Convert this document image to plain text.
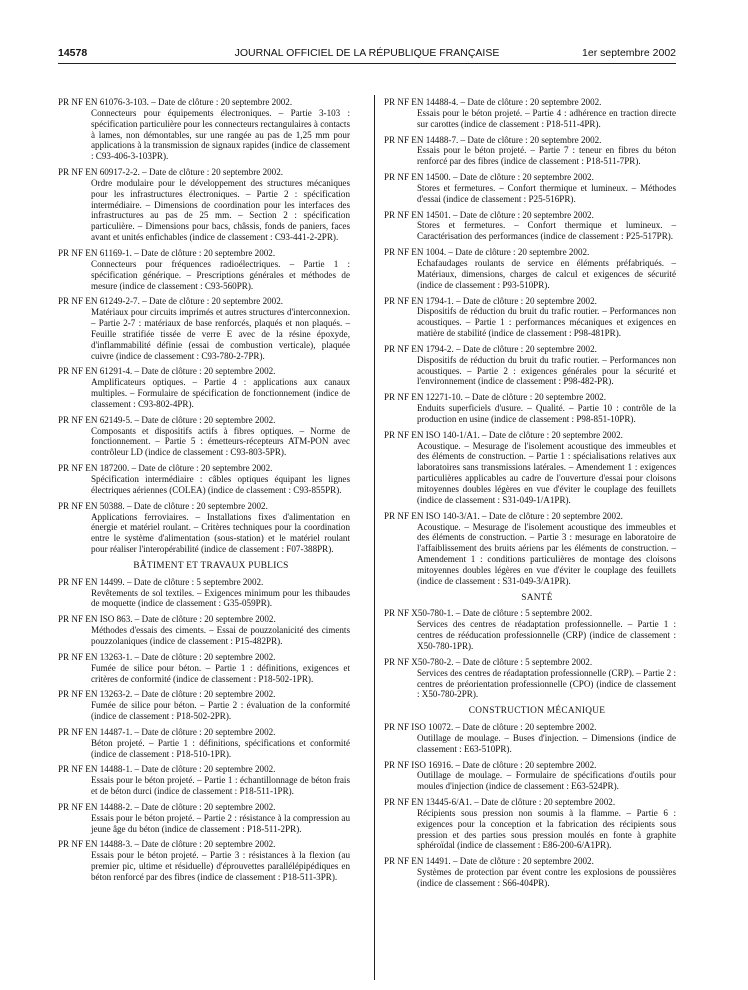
14578	JOURNAL OFFICIEL DE LA RÉPUBLIQUE FRANÇAISE	1er septembre 2002
PR NF EN 61076-3-103. – Date de clôture : 20 septembre 2002.
Connecteurs pour équipements électroniques. – Partie 3-103 : spécification particulière pour les connecteurs rectangulaires à contacts à lames, non démontables, sur une rangée au pas de 1,25 mm pour applications à la transmission de signaux rapides (indice de classement : C93-406-3-103PR).
PR NF EN 60917-2-2. – Date de clôture : 20 septembre 2002.
Ordre modulaire pour le développement des structures mécaniques pour les infrastructures électroniques. – Partie 2 : spécification intermédiaire. – Dimensions de coordination pour les interfaces des infrastructures au pas de 25 mm. – Section 2 : spécification particulière. – Dimensions pour bacs, châssis, fonds de paniers, faces avant et unités enfichables (indice de classement : C93-441-2-2PR).
PR NF EN 61169-1. – Date de clôture : 20 septembre 2002.
Connecteurs pour fréquences radioélectriques. – Partie 1 : spécification générique. – Prescriptions générales et méthodes de mesure (indice de classement : C93-560PR).
PR NF EN 61249-2-7. – Date de clôture : 20 septembre 2002.
Matériaux pour circuits imprimés et autres structures d'interconnexion. – Partie 2-7 : matériaux de base renforcés, plaqués et non plaqués. – Feuille stratifiée tissée de verre E avec de la résine époxyde, d'inflammabilité définie (essai de combustion verticale), plaquée cuivre (indice de classement : C93-780-2-7PR).
PR NF EN 61291-4. – Date de clôture : 20 septembre 2002.
Amplificateurs optiques. – Partie 4 : applications aux canaux multiples. – Formulaire de spécification de fonctionnement (indice de classement : C93-802-4PR).
PR NF EN 62149-5. – Date de clôture : 20 septembre 2002.
Composants et dispositifs actifs à fibres optiques. – Norme de fonctionnement. – Partie 5 : émetteurs-récepteurs ATM-PON avec contrôleur LD (indice de classement : C93-803-5PR).
PR NF EN 187200. – Date de clôture : 20 septembre 2002.
Spécification intermédiaire : câbles optiques équipant les lignes électriques aériennes (COLEA) (indice de classement : C93-855PR).
PR NF EN 50388. – Date de clôture : 20 septembre 2002.
Applications ferroviaires. – Installations fixes d'alimentation en énergie et matériel roulant. – Critères techniques pour la coordination entre le système d'alimentation (sous-station) et le matériel roulant pour réaliser l'interopérabilité (indice de classement : F07-388PR).
BÂTIMENT ET TRAVAUX PUBLICS
PR NF EN 14499. – Date de clôture : 5 septembre 2002.
Revêtements de sol textiles. – Exigences minimum pour les thibaudes de moquette (indice de classement : G35-059PR).
PR NF EN ISO 863. – Date de clôture : 20 septembre 2002.
Méthodes d'essais des ciments. – Essai de pouzzolanicité des ciments pouzzolaniques (indice de classement : P15-482PR).
PR NF EN 13263-1. – Date de clôture : 20 septembre 2002.
Fumée de silice pour béton. – Partie 1 : définitions, exigences et critères de conformité (indice de classement : P18-502-1PR).
PR NF EN 13263-2. – Date de clôture : 20 septembre 2002.
Fumée de silice pour béton. – Partie 2 : évaluation de la conformité (indice de classement : P18-502-2PR).
PR NF EN 14487-1. – Date de clôture : 20 septembre 2002.
Béton projeté. – Partie 1 : définitions, spécifications et conformité (indice de classement : P18-510-1PR).
PR NF EN 14488-1. – Date de clôture : 20 septembre 2002.
Essais pour le béton projeté. – Partie 1 : échantillonnage de béton frais et de béton durci (indice de classement : P18-511-1PR).
PR NF EN 14488-2. – Date de clôture : 20 septembre 2002.
Essais pour le béton projeté. – Partie 2 : résistance à la compression au jeune âge du béton (indice de classement : P18-511-2PR).
PR NF EN 14488-3. – Date de clôture : 20 septembre 2002.
Essais pour le béton projeté. – Partie 3 : résistances à la flexion (au premier pic, ultime et résiduelle) d'éprouvettes parallélépipédiques en béton renforcé par des fibres (indice de classement : P18-511-3PR).
PR NF EN 14488-4. – Date de clôture : 20 septembre 2002.
Essais pour le béton projeté. – Partie 4 : adhérence en traction directe sur carottes (indice de classement : P18-511-4PR).
PR NF EN 14488-7. – Date de clôture : 20 septembre 2002.
Essais pour le béton projeté. – Partie 7 : teneur en fibres du béton renforcé par des fibres (indice de classement : P18-511-7PR).
PR NF EN 14500. – Date de clôture : 20 septembre 2002.
Stores et fermetures. – Confort thermique et lumineux. – Méthodes d'essai (indice de classement : P25-516PR).
PR NF EN 14501. – Date de clôture : 20 septembre 2002.
Stores et fermetures. – Confort thermique et lumineux. – Caractérisation des performances (indice de classement : P25-517PR).
PR NF EN 1004. – Date de clôture : 20 septembre 2002.
Echafaudages roulants de service en éléments préfabriqués. – Matériaux, dimensions, charges de calcul et exigences de sécurité (indice de classement : P93-510PR).
PR NF EN 1794-1. – Date de clôture : 20 septembre 2002.
Dispositifs de réduction du bruit du trafic routier. – Performances non acoustiques. – Partie 1 : performances mécaniques et exigences en matière de stabilité (indice de classement : P98-481PR).
PR NF EN 1794-2. – Date de clôture : 20 septembre 2002.
Dispositifs de réduction du bruit du trafic routier. – Performances non acoustiques. – Partie 2 : exigences générales pour la sécurité et l'environnement (indice de classement : P98-482-PR).
PR NF EN 12271-10. – Date de clôture : 20 septembre 2002.
Enduits superficiels d'usure. – Qualité. – Partie 10 : contrôle de la production en usine (indice de classement : P98-851-10PR).
PR NF EN ISO 140-1/A1. – Date de clôture : 20 septembre 2002.
Acoustique. – Mesurage de l'isolement acoustique des immeubles et des éléments de construction. – Partie 1 : spécialisations relatives aux laboratoires sans transmissions latérales. – Amendement 1 : exigences particulières applicables au cadre de l'ouverture d'essai pour cloisons mitoyennes doubles légères en vue d'éviter le couplage des feuillets (indice de classement : S31-049-1/A1PR).
PR NF EN ISO 140-3/A1. – Date de clôture : 20 septembre 2002.
Acoustique. – Mesurage de l'isolement acoustique des immeubles et des éléments de construction. – Partie 3 : mesurage en laboratoire de l'affaiblissement des bruits aériens par les éléments de construction. – Amendement 1 : conditions particulières de montage des cloisons mitoyennes doubles légères en vue d'éviter le couplage des feuillets (indice de classement : S31-049-3/A1PR).
SANTÉ
PR NF X50-780-1. – Date de clôture : 5 septembre 2002.
Services des centres de réadaptation professionnelle. – Partie 1 : centres de rééducation professionnelle (CRP) (indice de classement : X50-780-1PR).
PR NF X50-780-2. – Date de clôture : 5 septembre 2002.
Services des centres de réadaptation professionnelle (CRP). – Partie 2 : centres de préorientation professionnelle (CPO) (indice de classement : X50-780-2PR).
CONSTRUCTION MÉCANIQUE
PR NF ISO 10072. – Date de clôture : 20 septembre 2002.
Outillage de moulage. – Buses d'injection. – Dimensions (indice de classement : E63-510PR).
PR NF ISO 16916. – Date de clôture : 20 septembre 2002.
Outillage de moulage. – Formulaire de spécifications d'outils pour moules d'injection (indice de classement : E63-524PR).
PR NF EN 13445-6/A1. – Date de clôture : 20 septembre 2002.
Récipients sous pression non soumis à la flamme. – Partie 6 : exigences pour la conception et la fabrication des récipients sous pression et des parties sous pression moulés en fonte à graphite sphéroïdal (indice de classement : E86-200-6/A1PR).
PR NF EN 14491. – Date de clôture : 20 septembre 2002.
Systèmes de protection par évent contre les explosions de poussières (indice de classement : S66-404PR).
